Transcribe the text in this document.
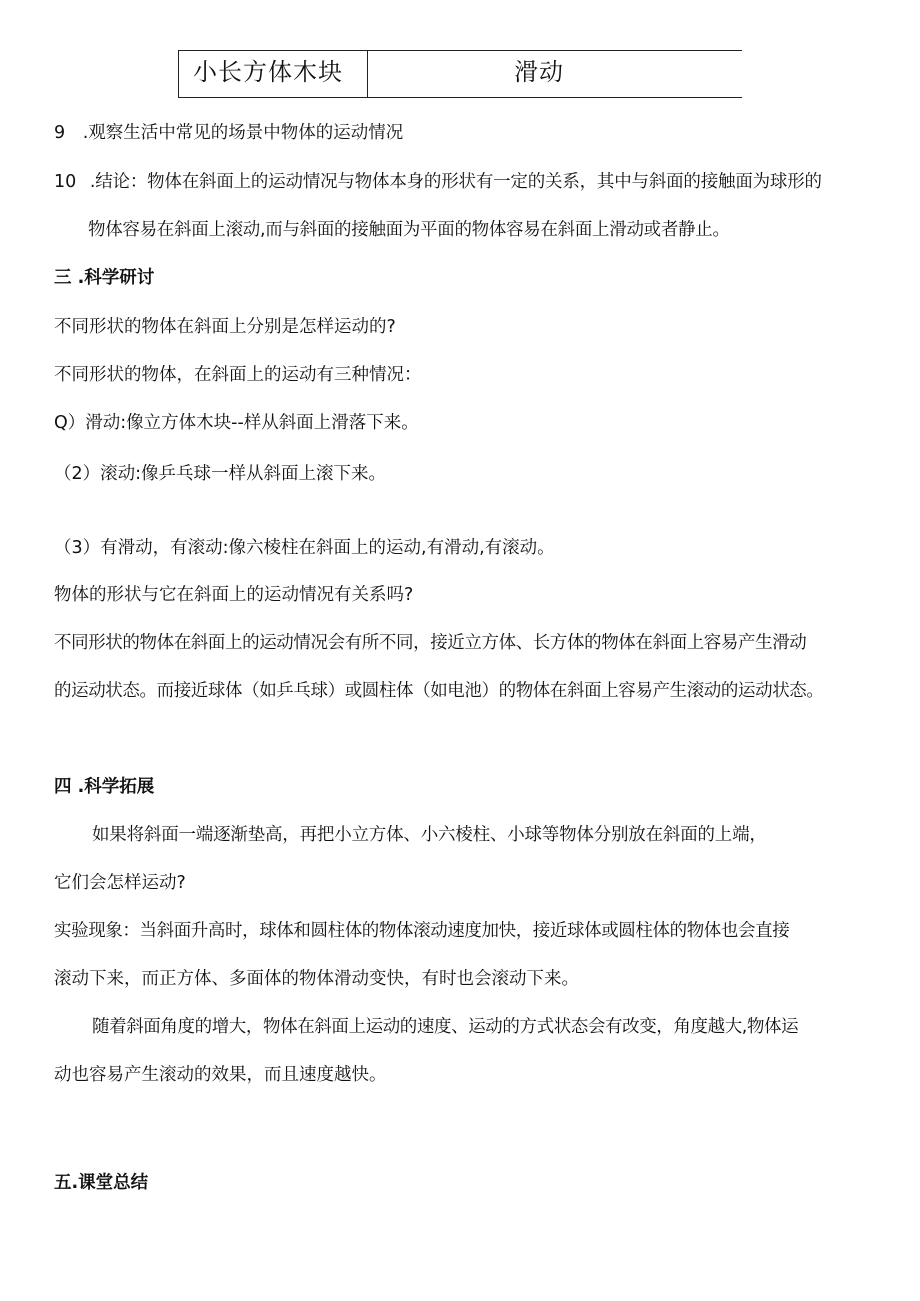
小长方体木块	滑动
9 .观察生活中常见的场景中物体的运动情况
10 .结论：物体在斜面上的运动情况与物体本身的形状有一定的关系，其中与斜面的接触面为球形的
物体容易在斜面上滚动,而与斜面的接触面为平面的物体容易在斜面上滑动或者静止。
三 .科学研讨
不同形状的物体在斜面上分别是怎样运动的?
不同形状的物体，在斜面上的运动有三种情况：
Q）滑动:像立方体木块--样从斜面上滑落下来。
（2）滚动:像乒乓球一样从斜面上滚下来。
（3）有滑动，有滚动:像六棱柱在斜面上的运动,有滑动,有滚动。
物体的形状与它在斜面上的运动情况有关系吗?
不同形状的物体在斜面上的运动情况会有所不同，接近立方体、长方体的物体在斜面上容易产生滑动
的运动状态。而接近球体（如乒乓球）或圆柱体（如电池）的物体在斜面上容易产生滚动的运动状态。
四 .科学拓展
如果将斜面一端逐渐垫高，再把小立方体、小六棱柱、小球等物体分别放在斜面的上端，
它们会怎样运动?
实验现象：当斜面升高时，球体和圆柱体的物体滚动速度加快，接近球体或圆柱体的物体也会直接
滚动下来，而正方体、多面体的物体滑动变快，有时也会滚动下来。
随着斜面角度的增大，物体在斜面上运动的速度、运动的方式状态会有改变，角度越大,物体运
动也容易产生滚动的效果，而且速度越快。
五.课堂总结
